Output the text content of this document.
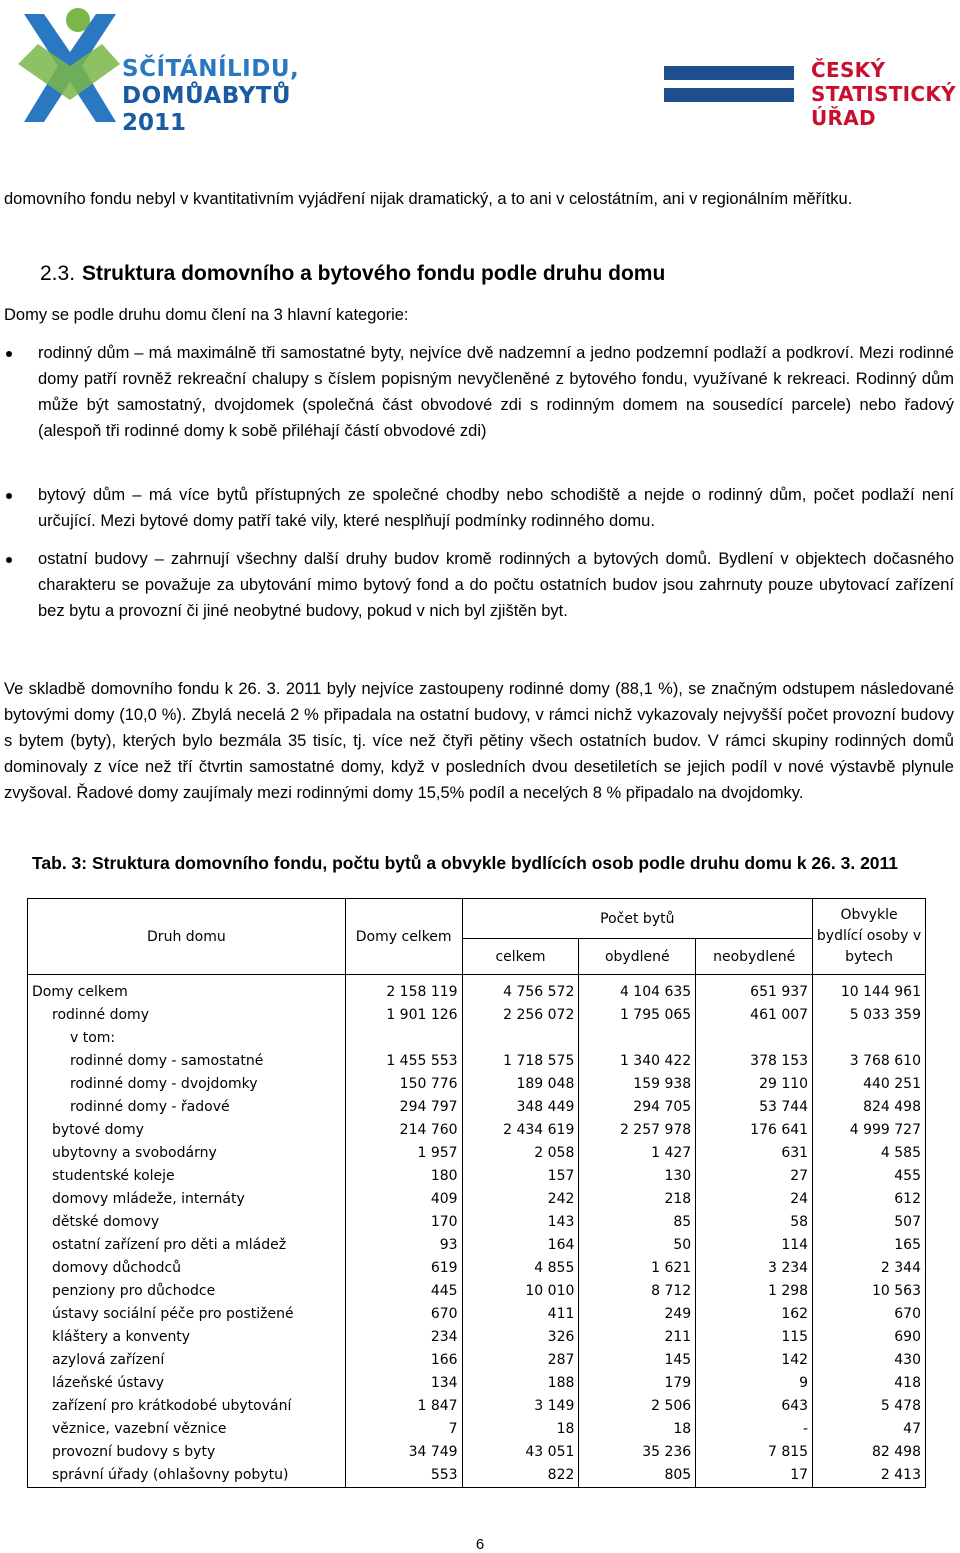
SČÍTÁNÍLIDU,
DOMŮABYTŮ
2011
ČESKÝ
STATISTICKÝ
ÚŘAD
domovního fondu nebyl v kvantitativním vyjádření nijak dramatický, a to ani v celostátním, ani v regionálním měřítku.
2.3. Struktura domovního a bytového fondu podle druhu domu
Domy se podle druhu domu člení na 3 hlavní kategorie:
rodinný dům – má maximálně tři samostatné byty, nejvíce dvě nadzemní a jedno podzemní podlaží a podkroví. Mezi rodinné domy patří rovněž rekreační chalupy s číslem popisným nevyčleněné z bytového fondu, využívané k rekreaci. Rodinný dům může být samostatný, dvojdomek (společná část obvodové zdi s rodinným domem na sousedící parcele) nebo řadový (alespoň tři rodinné domy k sobě přiléhají částí obvodové zdi)
bytový dům – má více bytů přístupných ze společné chodby nebo schodiště a nejde o rodinný dům, počet podlaží není určující. Mezi bytové domy patří také vily, které nesplňují podmínky rodinného domu.
ostatní budovy – zahrnují všechny další druhy budov kromě rodinných a bytových domů. Bydlení v objektech dočasného charakteru se považuje za ubytování mimo bytový fond a do počtu ostatních budov jsou zahrnuty pouze ubytovací zařízení bez bytu a provozní či jiné neobytné budovy, pokud v nich byl zjištěn byt.
Ve skladbě domovního fondu k 26. 3. 2011 byly nejvíce zastoupeny rodinné domy (88,1 %), se značným odstupem následované bytovými domy (10,0 %). Zbylá necelá 2 % připadala na ostatní budovy, v rámci nichž vykazovaly nejvyšší počet provozní budovy s bytem (byty), kterých bylo bezmála 35 tisíc, tj. více než čtyři pětiny všech ostatních budov. V rámci skupiny rodinných domů dominovaly z více než tří čtvrtin samostatné domy, když v posledních dvou desetiletích se jejich podíl v nové výstavbě plynule zvyšoval. Řadové domy zaujímaly mezi rodinnými domy 15,5% podíl a necelých 8 % připadalo na dvojdomky.
Tab. 3: Struktura domovního fondu, počtu bytů a obvykle bydlících osob podle druhu domu k 26. 3. 2011
Druh domu	Domy celkem	Počet bytů			Obvykle bydlící osoby v bytech
		celkem	obydlené	neobydlené	
Domy celkem	2 158 119	4 756 572	4 104 635	651 937	10 144 961
rodinné domy	1 901 126	2 256 072	1 795 065	461 007	5 033 359
v tom:					
rodinné domy - samostatné	1 455 553	1 718 575	1 340 422	378 153	3 768 610
rodinné domy - dvojdomky	150 776	189 048	159 938	29 110	440 251
rodinné domy - řadové	294 797	348 449	294 705	53 744	824 498
bytové domy	214 760	2 434 619	2 257 978	176 641	4 999 727
ubytovny a svobodárny	1 957	2 058	1 427	631	4 585
studentské koleje	180	157	130	27	455
domovy mládeže, internáty	409	242	218	24	612
dětské domovy	170	143	85	58	507
ostatní zařízení pro děti a mládež	93	164	50	114	165
domovy důchodců	619	4 855	1 621	3 234	2 344
penziony pro důchodce	445	10 010	8 712	1 298	10 563
ústavy sociální péče pro postižené	670	411	249	162	670
kláštery a konventy	234	326	211	115	690
azylová zařízení	166	287	145	142	430
lázeňské ústavy	134	188	179	9	418
zařízení pro krátkodobé ubytování	1 847	3 149	2 506	643	5 478
věznice, vazební věznice	7	18	18	-	47
provozní budovy s byty	34 749	43 051	35 236	7 815	82 498
správní úřady (ohlašovny pobytu)	553	822	805	17	2 413
6
